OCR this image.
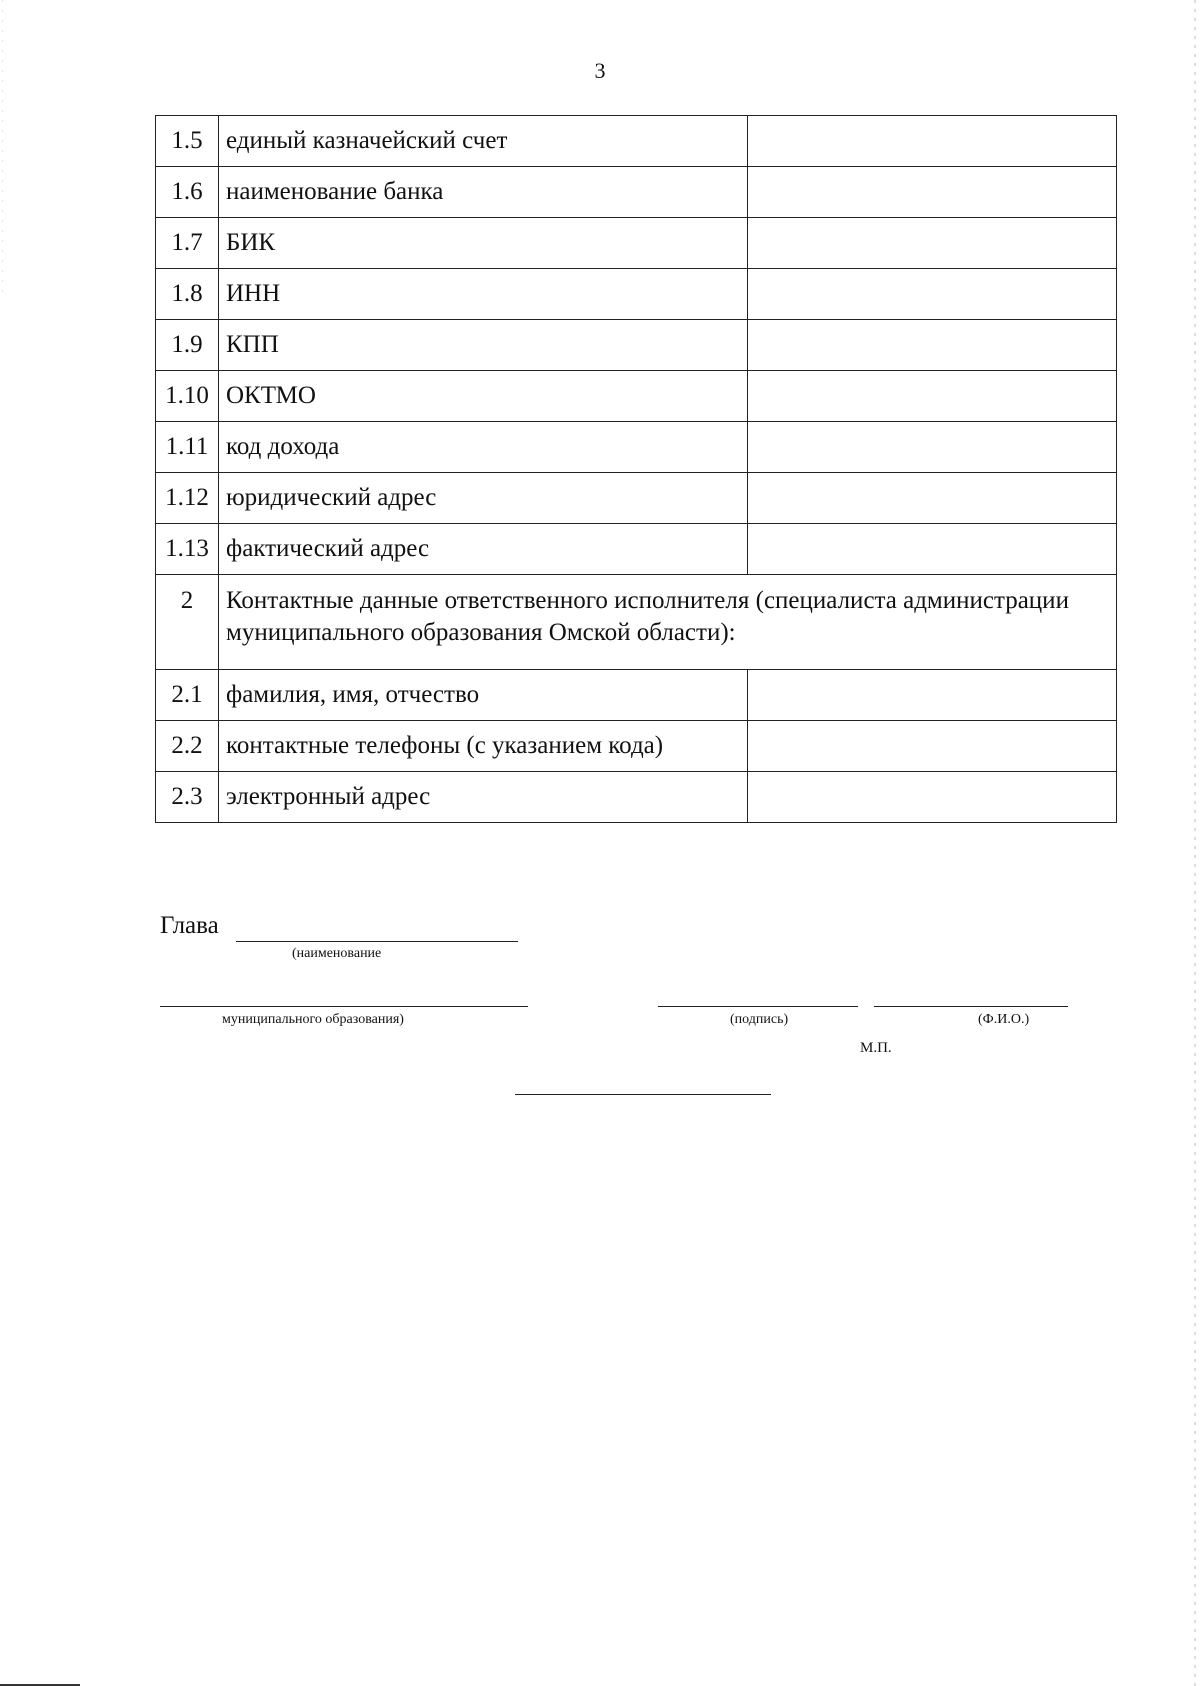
3
1.5	единый казначейский счет	
1.6	наименование банка	
1.7	БИК	
1.8	ИНН	
1.9	КПП	
1.10	ОКТМО	
1.11	код дохода	
1.12	юридический адрес	
1.13	фактический адрес	
2	Контактные данные ответственного исполнителя (специалиста администрации муниципального образования Омской области):	
2.1	фамилия, имя, отчество	
2.2	контактные телефоны (с указанием кода)	
2.3	электронный адрес	
Глава
(наименование
муниципального образования)	(подпись)	(Ф.И.О.)
М.П.
